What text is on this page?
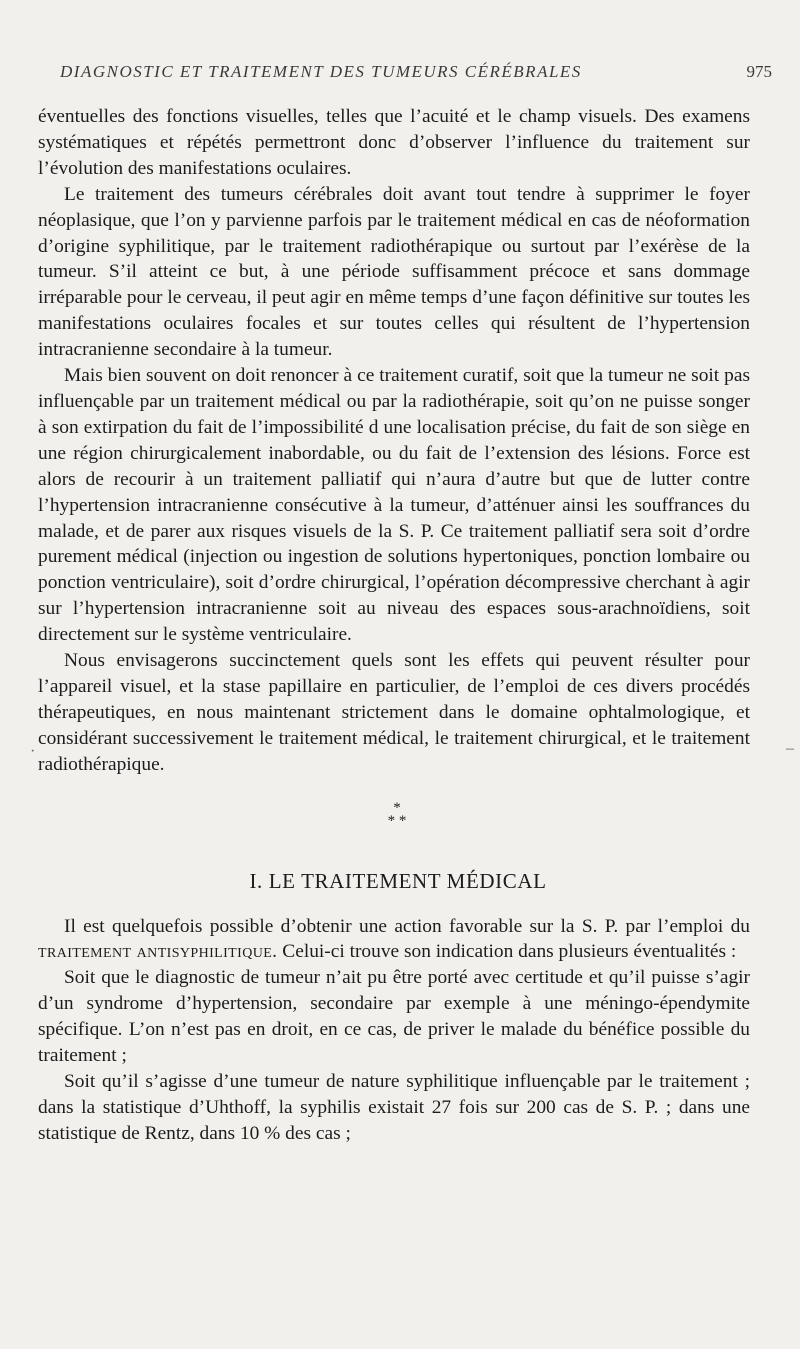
DIAGNOSTIC ET TRAITEMENT DES TUMEURS CÉRÉBRALES	975
·	–

éventuelles des fonctions visuelles, telles que l’acuité et le champ visuels. Des examens systématiques et répétés permettront donc d’observer l’influence du traitement sur l’évolution des manifestations oculaires.

Le traitement des tumeurs cérébrales doit avant tout tendre à supprimer le foyer néoplasique, que l’on y parvienne parfois par le traitement médical en cas de néoformation d’origine syphilitique, par le traitement radiothérapique ou surtout par l’exérèse de la tumeur. S’il atteint ce but, à une période suffisamment précoce et sans dommage irréparable pour le cerveau, il peut agir en même temps d’une façon définitive sur toutes les manifestations oculaires focales et sur toutes celles qui résultent de l’hypertension intracranienne secondaire à la tumeur.

Mais bien souvent on doit renoncer à ce traitement curatif, soit que la tumeur ne soit pas influençable par un traitement médical ou par la radiothérapie, soit qu’on ne puisse songer à son extirpation du fait de l’impossibilité d une localisation précise, du fait de son siège en une région chirurgicalement inabordable, ou du fait de l’extension des lésions. Force est alors de recourir à un traitement palliatif qui n’aura d’autre but que de lutter contre l’hypertension intracranienne consécutive à la tumeur, d’atténuer ainsi les souffrances du malade, et de parer aux risques visuels de la S. P. Ce traitement palliatif sera soit d’ordre purement médical (injection ou ingestion de solutions hypertoniques, ponction lombaire ou ponction ventriculaire), soit d’ordre chirurgical, l’opération décompressive cherchant à agir sur l’hypertension intracranienne soit au niveau des espaces sous-arachnoïdiens, soit directement sur le système ventriculaire.

Nous envisagerons succinctement quels sont les effets qui peuvent résulter pour l’appareil visuel, et la stase papillaire en particulier, de l’emploi de ces divers procédés thérapeutiques, en nous maintenant strictement dans le domaine ophtalmologique, et considérant successivement le traitement médical, le traitement chirurgical, et le traitement radiothérapique.

*
* *
I. LE TRAITEMENT MÉDICAL

Il est quelquefois possible d’obtenir une action favorable sur la S. P. par l’emploi du traitement antisyphilitique. Celui-ci trouve son indication dans plusieurs éventualités :

Soit que le diagnostic de tumeur n’ait pu être porté avec certitude et qu’il puisse s’agir d’un syndrome d’hypertension, secondaire par exemple à une méningo-épendymite spécifique. L’on n’est pas en droit, en ce cas, de priver le malade du bénéfice possible du traitement ;

Soit qu’il s’agisse d’une tumeur de nature syphilitique influençable par le traitement ; dans la statistique d’Uhthoff, la syphilis existait 27 fois sur 200 cas de S. P. ; dans une statistique de Rentz, dans 10 % des cas ;
